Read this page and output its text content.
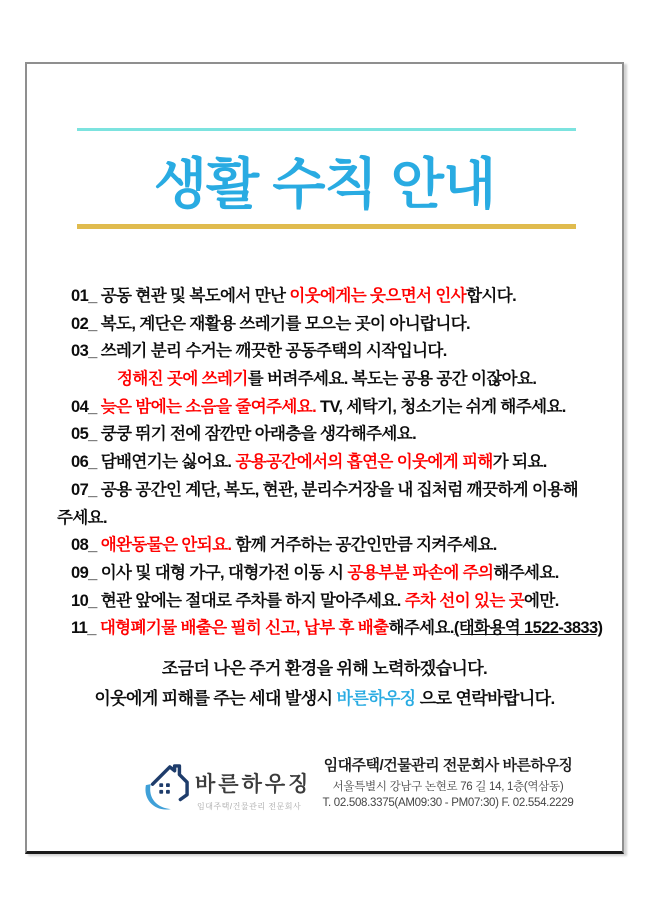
생활 수칙 안내
01_ 공동 현관 및 복도에서 만난 이웃에게는 웃으면서 인사합시다.
02_ 복도, 계단은 재활용 쓰레기를 모으는 곳이 아니랍니다.
03_ 쓰레기 분리 수거는 깨끗한 공동주택의 시작입니다.
정해진 곳에 쓰레기를 버려주세요. 복도는 공용 공간 이잖아요.
04_ 늦은 밤에는 소음을 줄여주세요. TV, 세탁기, 청소기는 쉬게 해주세요.
05_ 쿵쿵 뛰기 전에 잠깐만 아래층을 생각해주세요.
06_ 담배연기는 싫어요. 공용공간에서의 흡연은 이웃에게 피해가 되요.
07_ 공용 공간인 계단, 복도, 현관, 분리수거장을 내 집처럼 깨끗하게 이용해
주세요.
08_ 애완동물은 안되요. 함께 거주하는 공간인만큼 지켜주세요.
09_ 이사 및 대형 가구, 대형가전 이동 시 공용부분 파손에 주의해주세요.
10_ 현관 앞에는 절대로 주차를 하지 말아주세요. 주차 선이 있는 곳에만.
11_ 대형폐기물 배출은 필히 신고, 납부 후 배출해주세요.(태화용역 1522-3833)
조금더 나은 주거 환경을 위해 노력하겠습니다.
이웃에게 피해를 주는 세대 발생시 바른하우징 으로 연락바랍니다.
바른하우징
임대주택/건물관리 전문회사
임대주택/건물관리 전문회사 바른하우징
서울특별시 강남구 논현로 76 길 14, 1층(역삼동)
T. 02.508.3375(AM09:30 - PM07:30) F. 02.554.2229
